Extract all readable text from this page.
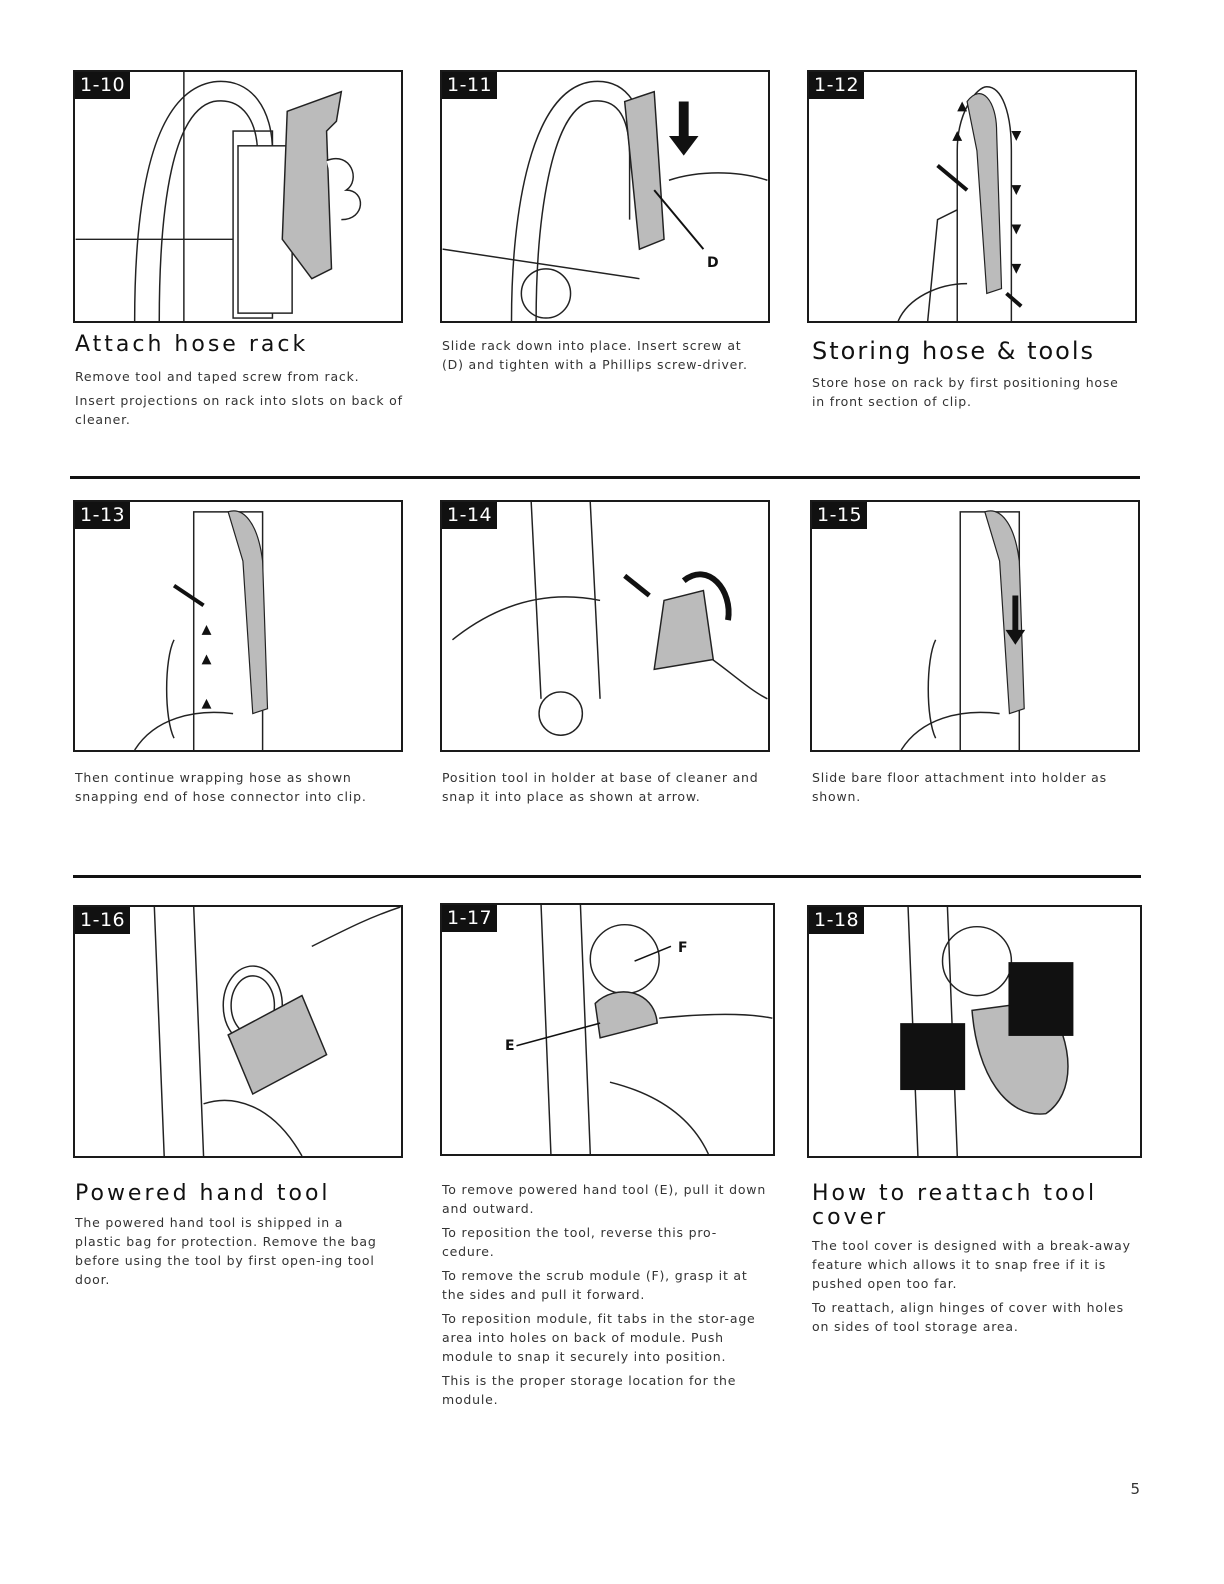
1-10	1-11
D
1-12
Attach hose rack

Remove tool and taped screw from rack.

Insert projections on rack into slots on back of cleaner.

Slide rack down into place. Insert screw at (D) and tighten with a Phillips screw-driver.	Storing hose & tools

Store hose on rack by first positioning hose in front section of clip.

1-13	1-14	1-15

Then continue wrapping hose as shown snapping end of hose connector into clip.

Position tool in holder at base of cleaner and snap it into place as shown at arrow.

Slide bare floor attachment into holder as shown.

1-16	1-17
F
E
1-18
Powered hand tool

The powered hand tool is shipped in a plastic bag for protection. Remove the bag before using the tool by first open-ing tool door.

To remove powered hand tool (E), pull it down and outward.

To reposition the tool, reverse this pro-cedure.

To remove the scrub module (F), grasp it at the sides and pull it forward.

To reposition module, fit tabs in the stor-age area into holes on back of module. Push module to snap it securely into position.

This is the proper storage location for the module.

How to reattach tool cover

The tool cover is designed with a break-away feature which allows it to snap free if it is pushed open too far.

To reattach, align hinges of cover with holes on sides of tool storage area.

5
